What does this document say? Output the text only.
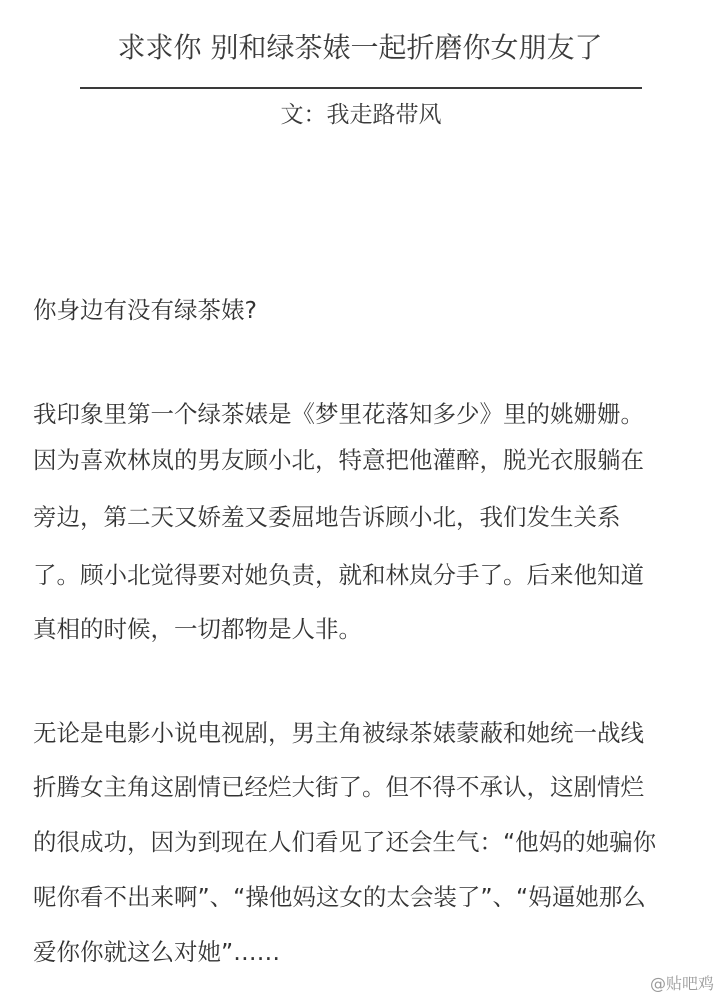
求求你 别和绿茶婊一起折磨你女朋友了
文：我走路带风
你身边有没有绿茶婊?
我印象里第一个绿茶婊是《梦里花落知多少》里的姚姗姗。
因为喜欢林岚的男友顾小北，特意把他灌醉，脱光衣服躺在
旁边，第二天又娇羞又委屈地告诉顾小北，我们发生关系
了。顾小北觉得要对她负责，就和林岚分手了。后来他知道
真相的时候，一切都物是人非。
无论是电影小说电视剧，男主角被绿茶婊蒙蔽和她统一战线
折腾女主角这剧情已经烂大街了。但不得不承认，这剧情烂
的很成功，因为到现在人们看见了还会生气：“他妈的她骗你
呢你看不出来啊”、“操他妈这女的太会装了”、“妈逼她那么
爱你你就这么对她”……
@贴吧鸡
